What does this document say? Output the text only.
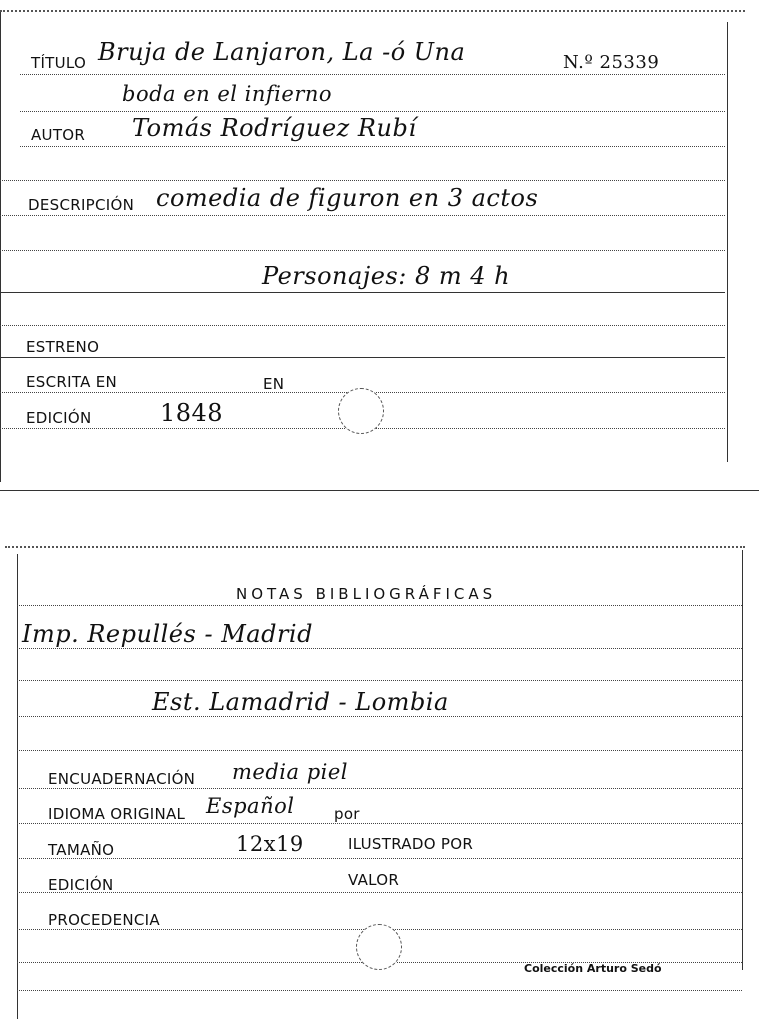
TÍTULO Bruja de Lanjaron, La -ó Una	N.º 25339
boda en el infierno
AUTOR Tomás Rodríguez Rubí
DESCRIPCIÓN comedia de figuron en 3 actos
Personajes: 8 m 4 h
ESTRENO
ESCRITA EN	EN
EDICIÓN	1848
NOTAS BIBLIOGRÁFICAS
Imp. Repullés - Madrid
Est. Lamadrid - Lombia
ENCUADERNACIÓN media piel
IDIOMA ORIGINAL Español	por
TAMAÑO	12x19	ILUSTRADO POR
EDICIÓN	VALOR
PROCEDENCIA
Colección Arturo Sedó
